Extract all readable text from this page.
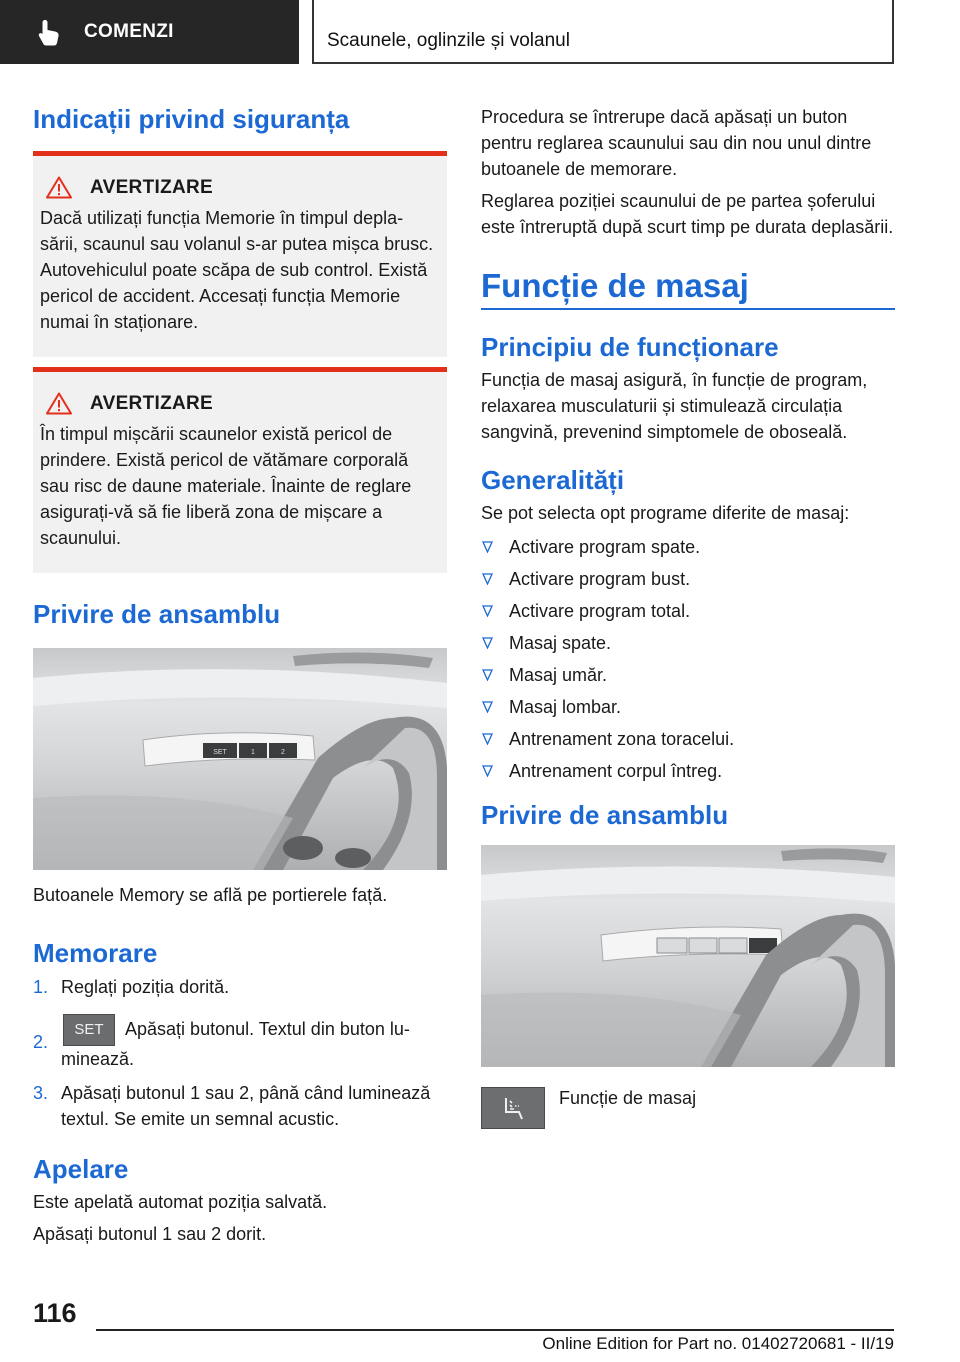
COMENZI	Scaunele, oglinzile și volanul
Indicații privind siguranța
AVERTIZARE

Dacă utilizați funcția Memorie în timpul deplasării, scaunul sau volanul s-ar putea mișca brusc. Autovehiculul poate scăpa de sub control. Există pericol de accident. Accesați funcția Memorie numai în staționare.

AVERTIZARE

În timpul mișcării scaunelor există pericol de prindere. Există pericol de vătămare corporală sau risc de daune materiale. Înainte de reglare asigurați-vă să fie liberă zona de mișcare a scaunului.

Privire de ansamblu
SET	1	2

Butoanele Memory se află pe portierele față.

Memorare
1. Reglați poziția dorită.
2.
SET Apăsați butonul. Textul din buton luminează.
3. Apăsați butonul 1 sau 2, până când luminează textul. Se emite un semnal acustic.
Apelare

Este apelată automat poziția salvată.

Apăsați butonul 1 sau 2 dorit.

Procedura se întrerupe dacă apăsați un buton pentru reglarea scaunului sau din nou unul dintre butoanele de memorare.

Reglarea poziției scaunului de pe partea șoferului este întreruptă după scurt timp pe durata deplasării.

Funcție de masaj
Principiu de funcționare

Funcția de masaj asigură, în funcție de program, relaxarea musculaturii și stimulează circulația sangvină, prevenind simptomele de oboseală.

Generalități

Se pot selecta opt programe diferite de masaj:

Activare program spate.
Activare program bust.
Activare program total.
Masaj spate.
Masaj umăr.
Masaj lombar.
Antrenament zona toracelui.
Antrenament corpul întreg.
Privire de ansamblu

Funcție de masaj

116
Online Edition for Part no. 01402720681 - II/19
